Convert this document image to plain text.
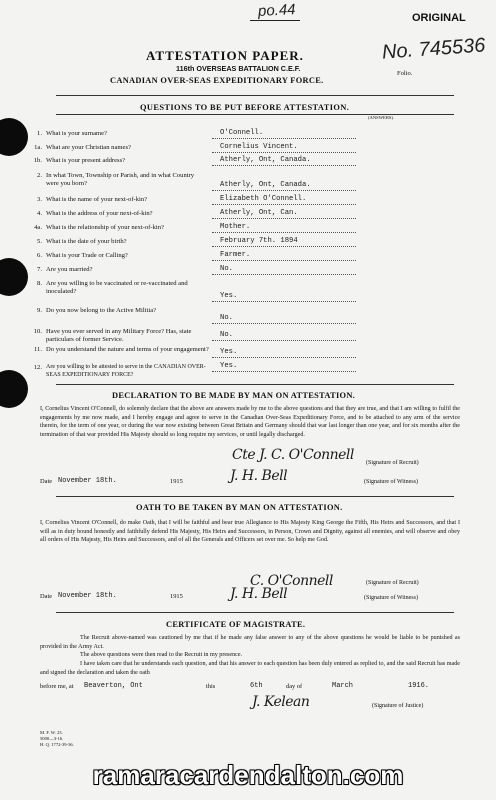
po.44	ORIGINAL
ATTESTATION PAPER.
116th OVERSEAS BATTALION C.E.F.
CANADIAN OVER-SEAS EXPEDITIONARY FORCE.
No. 745536
Folio.
QUESTIONS TO BE PUT BEFORE ATTESTATION.
(ANSWERS).
1. What is your surname?	O'Connell.
1a. What are your Christian names?	Cornelius Vincent.
1b. What is your present address?	Atherly, Ont, Canada.
2. In what Town, Township or Parish, and in what Country were you born?	Atherly, Ont, Canada.
3. What is the name of your next-of-kin?	Elizabeth O'Connell.
4. What is the address of your next-of-kin?	Atherly, Ont, Can.
4a. What is the relationship of your next-of-kin?	Mother.
5. What is the date of your birth?	February 7th. 1894
6. What is your Trade or Calling?	Farmer.
7. Are you married?	No.
8. Are you willing to be vaccinated or re-vaccinated and inoculated?
Yes.
9. Do you now belong to the Active Militia?
No.
10. Have you ever served in any Military Force? Has, state particulars of former Service.	No.
11. Do you understand the nature and terms of your engagement?	Yes.
12. Are you willing to be attested to serve in the CANADIAN OVER-SEAS EXPEDITIONARY FORCE?
Yes.
DECLARATION TO BE MADE BY MAN ON ATTESTATION.
I, Cornelius Vincent O'Connell, do solemnly declare that the above are answers made by me to the above questions and that they are true, and that I am willing to fulfil the engagements by me now made, and I hereby engage and agree to serve in the Canadian Over-Seas Expeditionary Force, and to be attached to any arm of the service therein, for the term of one year, or during the war now existing between Great Britain and Germany should that war last longer than one year, and for six months after the termination of that war provided His Majesty should so long require my services, or until legally discharged.
Cte J. C. O'Connell (Signature of Recruit)
Date November 18th.	1915	J. H. Bell	(Signature of Witness)
OATH TO BE TAKEN BY MAN ON ATTESTATION.
I, Cornelius Vincent O'Connell, do make Oath, that I will be faithful and bear true Allegiance to His Majesty King George the Fifth, His Heirs and Successors, and that I will as in duty bound honestly and faithfully defend His Majesty, His Heirs and Successors, in Person, Crown and Dignity, against all enemies, and will observe and obey all orders of His Majesty, His Heirs and Successors, and of all the Generals and Officers set over me. So help me God.
C. O'Connell	(Signature of Recruit)
Date November 18th.	1915	J. H. Bell	(Signature of Witness)
CERTIFICATE OF MAGISTRATE.
The Recruit above-named was cautioned by me that if he made any false answer to any of the above questions he would be liable to be punished as provided in the Army Act.
The above questions were then read to the Recruit in my presence.
I have taken care that he understands each question, and that his answer to each question has been duly entered as replied to, and the said Recruit has made and signed the declaration and taken the oath
before me, at Beaverton, Ont	this	6th	day of	March	1916.
J. Kelean	(Signature of Justice)
M. F. W. 23.
5000—3-16.
H. Q. 1772-39-36.
ramaracardendalton.com
